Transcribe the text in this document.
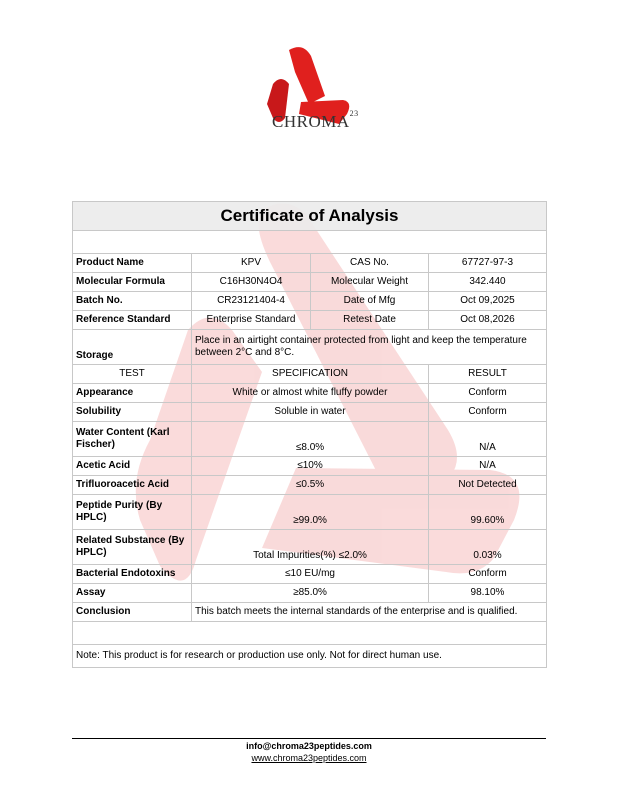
CHROMA$^{23}$
Certificate of Analysis			

Product Name	KPV	CAS No.	67727-97-3
Molecular Formula	C16H30N4O4	Molecular Weight	342.440
Batch No.	CR23121404-4	Date of Mfg	Oct 09,2025
Reference Standard	Enterprise Standard	Retest Date	Oct 08,2026
Storage	Place in an airtight container protected from light and keep the temperature between 2°C and 8°C.		
TEST	SPECIFICATION		RESULT
Appearance	White or almost white fluffy powder		Conform
Solubility	Soluble in water		Conform
Water Content (Karl Fischer)	≤8.0%		N/A
Acetic Acid	≤10%		N/A
Trifluoroacetic Acid	≤0.5%		Not Detected
Peptide Purity (By HPLC)	≥99.0%		99.60%
Related Substance (By HPLC)	Total Impurities(%) ≤2.0%		0.03%
Bacterial Endotoxins	≤10 EU/mg		Conform
Assay	≥85.0%		98.10%
Conclusion	This batch meets the internal standards of the enterprise and is qualified.		

Note: This product is for research or production use only. Not for direct human use.			
info@chroma23peptides.com
www.chroma23peptides.com
